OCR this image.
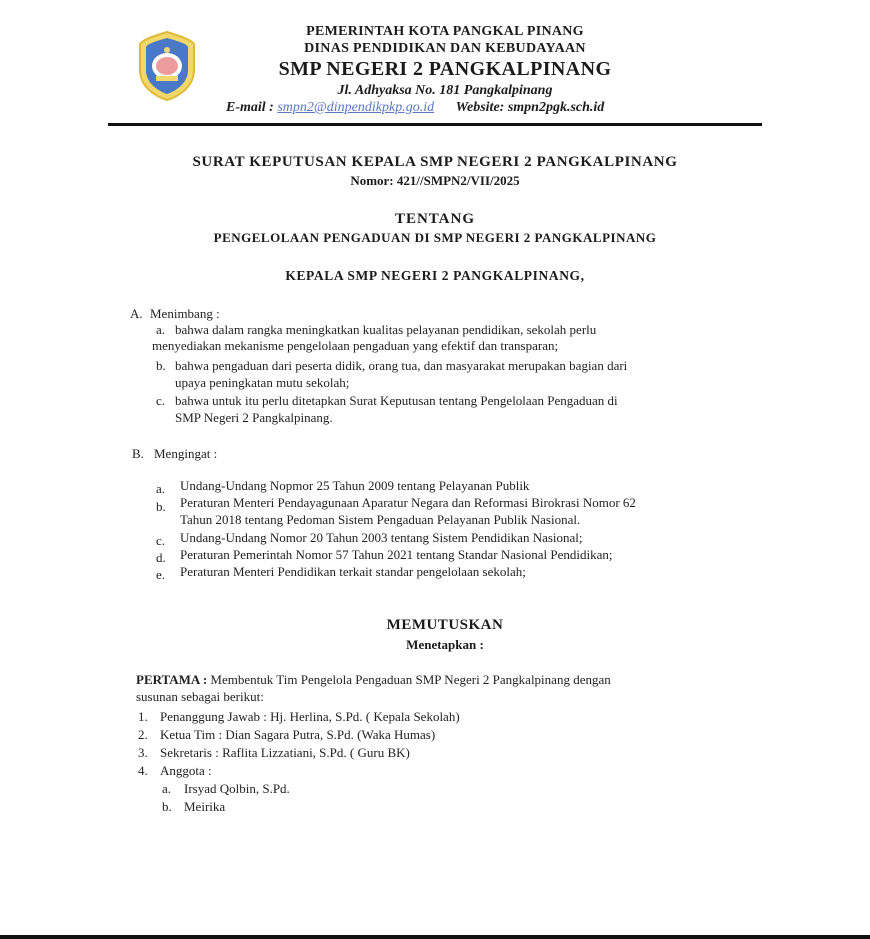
PEMERINTAH KOTA PANGKAL PINANG
DINAS PENDIDIKAN DAN KEBUDAYAAN
SMP NEGERI 2 PANGKALPINANG
Jl. Adhyaksa No. 181 Pangkalpinang
E-mail : smpn2@dinpendikpkp.go.id Website: smpn2pgk.sch.id
SURAT KEPUTUSAN KEPALA SMP NEGERI 2 PANGKALPINANG
Nomor: 421//SMPN2/VII/2025
TENTANG
PENGELOLAAN PENGADUAN DI SMP NEGERI 2 PANGKALPINANG
KEPALA SMP NEGERI 2 PANGKALPINANG,
A. Menimbang :
a. bahwa dalam rangka meningkatkan kualitas pelayanan pendidikan, sekolah perlu
menyediakan mekanisme pengelolaan pengaduan yang efektif dan transparan;
b. bahwa pengaduan dari peserta didik, orang tua, dan masyarakat merupakan bagian dari
upaya peningkatan mutu sekolah;
c. bahwa untuk itu perlu ditetapkan Surat Keputusan tentang Pengelolaan Pengaduan di
SMP Negeri 2 Pangkalpinang.
B. Mengingat :
a. Undang-Undang Nopmor 25 Tahun 2009 tentang Pelayanan Publik
b. Peraturan Menteri Pendayagunaan Aparatur Negara dan Reformasi Birokrasi Nomor 62
Tahun 2018 tentang Pedoman Sistem Pengaduan Pelayanan Publik Nasional.
c. Undang-Undang Nomor 20 Tahun 2003 tentang Sistem Pendidikan Nasional;
d. Peraturan Pemerintah Nomor 57 Tahun 2021 tentang Standar Nasional Pendidikan;
e. Peraturan Menteri Pendidikan terkait standar pengelolaan sekolah;
MEMUTUSKAN
Menetapkan :
PERTAMA : Membentuk Tim Pengelola Pengaduan SMP Negeri 2 Pangkalpinang dengan
susunan sebagai berikut:
1. Penanggung Jawab : Hj. Herlina, S.Pd. ( Kepala Sekolah)
2. Ketua Tim : Dian Sagara Putra, S.Pd. (Waka Humas)
3. Sekretaris : Raflita Lizzatiani, S.Pd. ( Guru BK)
4. Anggota :
a. Irsyad Qolbin, S.Pd.
b. Meirika
